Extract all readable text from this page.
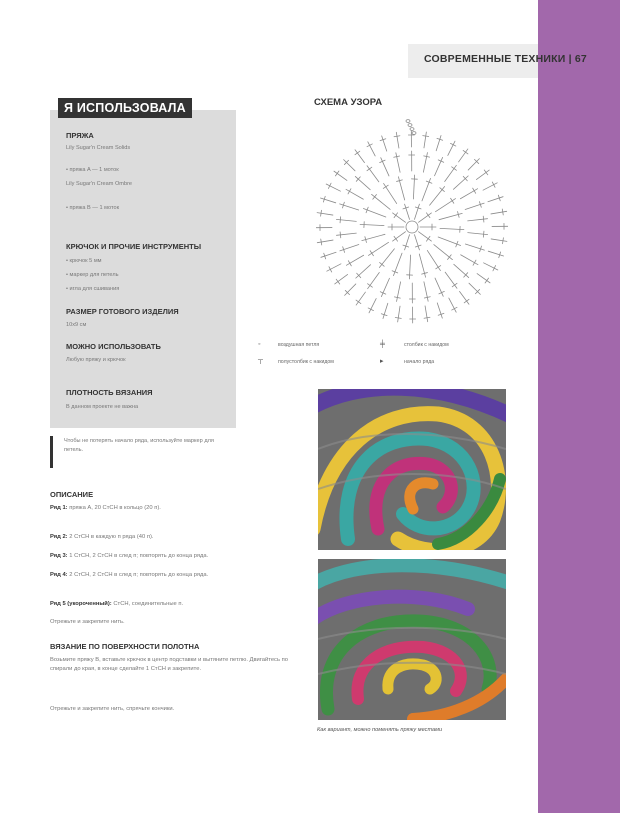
СОВРЕМЕННЫЕ ТЕХНИКИ | 67
Я ИСПОЛЬЗОВАЛА
ПРЯЖА
Lily Sugar'n Cream Solids
• пряжа A — 1 моток
Lily Sugar'n Cream Ombre
• пряжа B — 1 моток
КРЮЧОК И ПРОЧИЕ ИНСТРУМЕНТЫ
• крючок 5 мм
• маркер для петель
• игла для сшивания
РАЗМЕР ГОТОВОГО ИЗДЕЛИЯ
10x9 см
МОЖНО ИСПОЛЬЗОВАТЬ
Любую пряжу и крючок
ПЛОТНОСТЬ ВЯЗАНИЯ
В данном проекте не важна
Чтобы не потерять начало ряда, используйте маркер для петель.
ОПИСАНИЕ
Ряд 1: пряжа А, 20 СтСН в кольцо (20 п).
Ряд 2: 2 СтСН в каждую п ряда (40 п).
Ряд 3: 1 СтСН, 2 СтСН в след п; повторять до конца ряда.
Ряд 4: 2 СтСН, 2 СтСН в след п; повторять до конца ряда.
Ряд 5 (укороченный): СтСН, соединительные п.
Отрежьте и закрепите нить.
ВЯЗАНИЕ ПО ПОВЕРХНОСТИ ПОЛОТНА
Возьмите пряжу B, вставьте крючок в центр подставки и вытяните петлю. Двигайтесь по спирали до края, в конце сделайте 1 СтСН и закрепите.
Отрежьте и закрепите нить, спрячьте кончики.
СХЕМА УЗОРА
◦	воздушная петля
┬	полустолбик с накидом
╪	столбик с накидом
▸	начало ряда
Как вариант, можно поменять пряжу местами
